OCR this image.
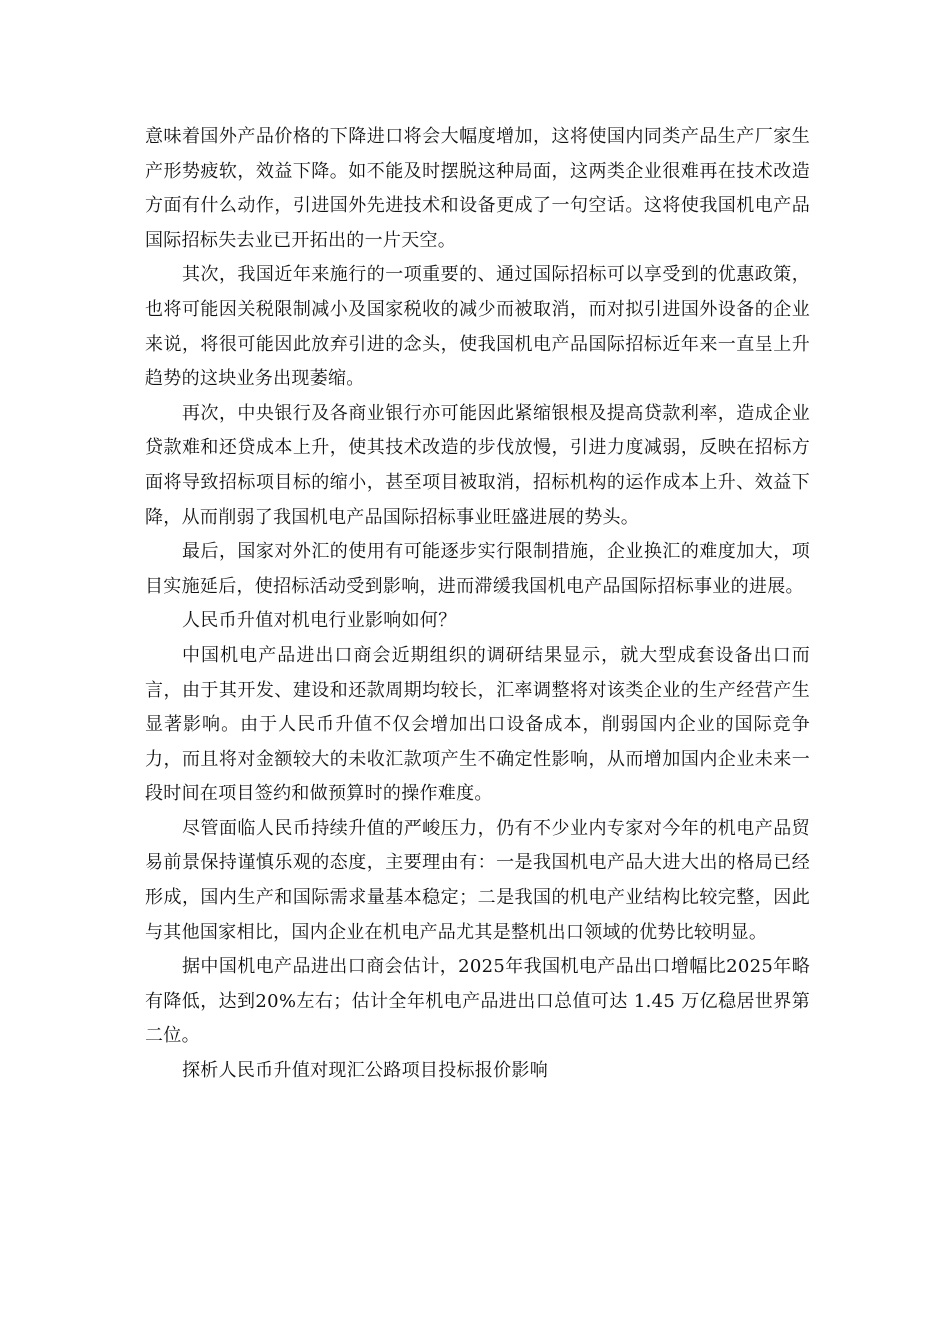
意味着国外产品价格的下降进口将会大幅度增加，这将使国内同类产品生产厂家生产形势疲软，效益下降。如不能及时摆脱这种局面，这两类企业很难再在技术改造方面有什么动作，引进国外先进技术和设备更成了一句空话。这将使我国机电产品国际招标失去业已开拓出的一片天空。

其次，我国近年来施行的一项重要的、通过国际招标可以享受到的优惠政策，也将可能因关税限制减小及国家税收的减少而被取消，而对拟引进国外设备的企业来说，将很可能因此放弃引进的念头，使我国机电产品国际招标近年来一直呈上升趋势的这块业务出现萎缩。

再次，中央银行及各商业银行亦可能因此紧缩银根及提高贷款利率，造成企业贷款难和还贷成本上升，使其技术改造的步伐放慢，引进力度减弱，反映在招标方面将导致招标项目标的缩小，甚至项目被取消，招标机构的运作成本上升、效益下降，从而削弱了我国机电产品国际招标事业旺盛进展的势头。

最后，国家对外汇的使用有可能逐步实行限制措施，企业换汇的难度加大，项目实施延后，使招标活动受到影响，进而滞缓我国机电产品国际招标事业的进展。

人民币升值对机电行业影响如何？

中国机电产品进出口商会近期组织的调研结果显示，就大型成套设备出口而言，由于其开发、建设和还款周期均较长，汇率调整将对该类企业的生产经营产生显著影响。由于人民币升值不仅会增加出口设备成本，削弱国内企业的国际竞争力，而且将对金额较大的未收汇款项产生不确定性影响，从而增加国内企业未来一段时间在项目签约和做预算时的操作难度。

尽管面临人民币持续升值的严峻压力，仍有不少业内专家对今年的机电产品贸易前景保持谨慎乐观的态度，主要理由有：一是我国机电产品大进大出的格局已经形成，国内生产和国际需求量基本稳定；二是我国的机电产业结构比较完整，因此与其他国家相比，国内企业在机电产品尤其是整机出口领域的优势比较明显。

据中国机电产品进出口商会估计，2025年我国机电产品出口增幅比2025年略有降低，达到20%左右；估计全年机电产品进出口总值可达 1.45 万亿稳居世界第二位。

探析人民币升值对现汇公路项目投标报价影响
